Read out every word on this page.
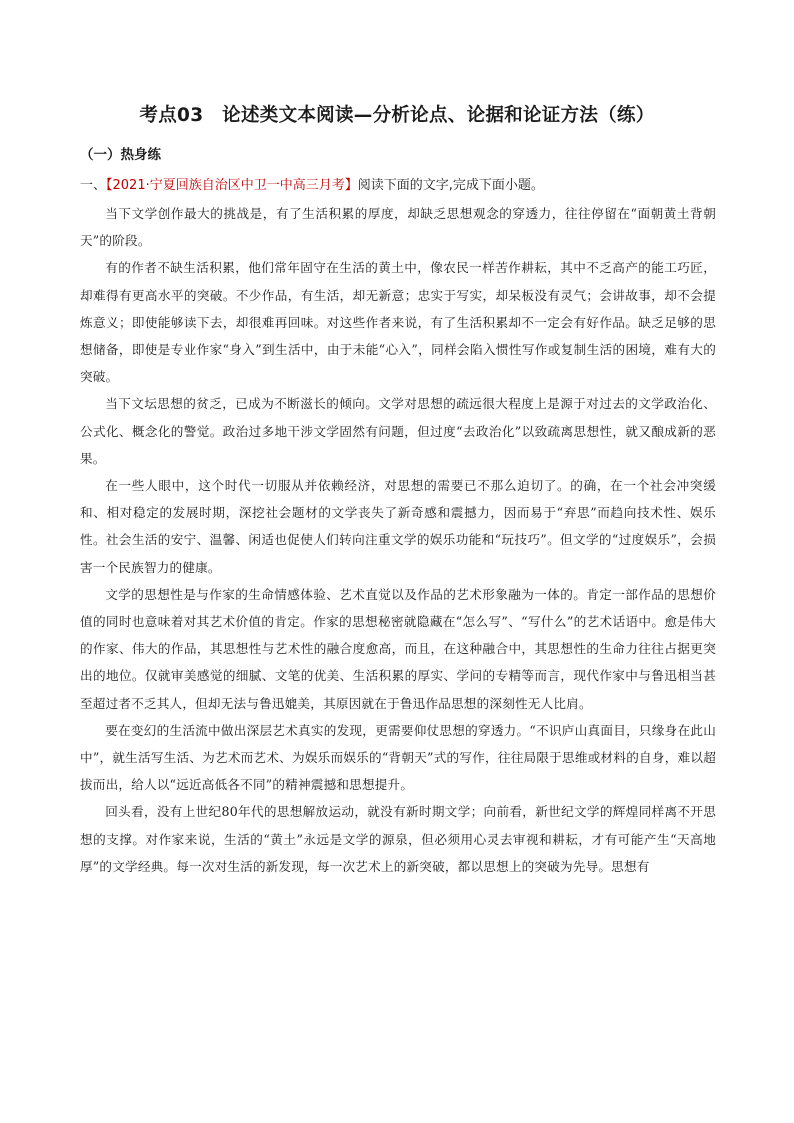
考点03　论述类文本阅读—分析论点、论据和论证方法（练）
（一）热身练
一、【2021·宁夏回族自治区中卫一中高三月考】阅读下面的文字,完成下面小题。

当下文学创作最大的挑战是，有了生活积累的厚度，却缺乏思想观念的穿透力，往往停留在“面朝黄土背朝天”的阶段。

有的作者不缺生活积累，他们常年固守在生活的黄土中，像农民一样苦作耕耘，其中不乏高产的能工巧匠，却难得有更高水平的突破。不少作品，有生活，却无新意；忠实于写实，却呆板没有灵气；会讲故事，却不会提炼意义；即使能够读下去，却很难再回味。对这些作者来说，有了生活积累却不一定会有好作品。缺乏足够的思想储备，即使是专业作家“身入”到生活中，由于未能“心入”，同样会陷入惯性写作或复制生活的困境，难有大的突破。

当下文坛思想的贫乏，已成为不断滋长的倾向。文学对思想的疏远很大程度上是源于对过去的文学政治化、公式化、概念化的警觉。政治过多地干涉文学固然有问题，但过度“去政治化”以致疏离思想性，就又酿成新的恶果。

在一些人眼中，这个时代一切服从并依赖经济，对思想的需要已不那么迫切了。的确，在一个社会冲突缓和、相对稳定的发展时期，深挖社会题材的文学丧失了新奇感和震撼力，因而易于“弃思”而趋向技术性、娱乐性。社会生活的安宁、温馨、闲适也促使人们转向注重文学的娱乐功能和“玩技巧”。但文学的“过度娱乐”，会损害一个民族智力的健康。

文学的思想性是与作家的生命情感体验、艺术直觉以及作品的艺术形象融为一体的。肯定一部作品的思想价值的同时也意味着对其艺术价值的肯定。作家的思想秘密就隐藏在“怎么写”、“写什么”的艺术话语中。愈是伟大的作家、伟大的作品，其思想性与艺术性的融合度愈高，而且，在这种融合中，其思想性的生命力往往占据更突出的地位。仅就审美感觉的细腻、文笔的优美、生活积累的厚实、学问的专精等而言，现代作家中与鲁迅相当甚至超过者不乏其人，但却无法与鲁迅媲美，其原因就在于鲁迅作品思想的深刻性无人比肩。

要在变幻的生活流中做出深层艺术真实的发现，更需要仰仗思想的穿透力。“不识庐山真面目，只缘身在此山中”，就生活写生活、为艺术而艺术、为娱乐而娱乐的“背朝天”式的写作，往往局限于思维或材料的自身，难以超拔而出，给人以“远近高低各不同”的精神震撼和思想提升。

回头看，没有上世纪80年代的思想解放运动，就没有新时期文学；向前看，新世纪文学的辉煌同样离不开思想的支撑。对作家来说，生活的“黄土”永远是文学的源泉，但必须用心灵去审视和耕耘，才有可能产生“天高地厚”的文学经典。每一次对生活的新发现，每一次艺术上的新突破，都以思想上的突破为先导。思想有
